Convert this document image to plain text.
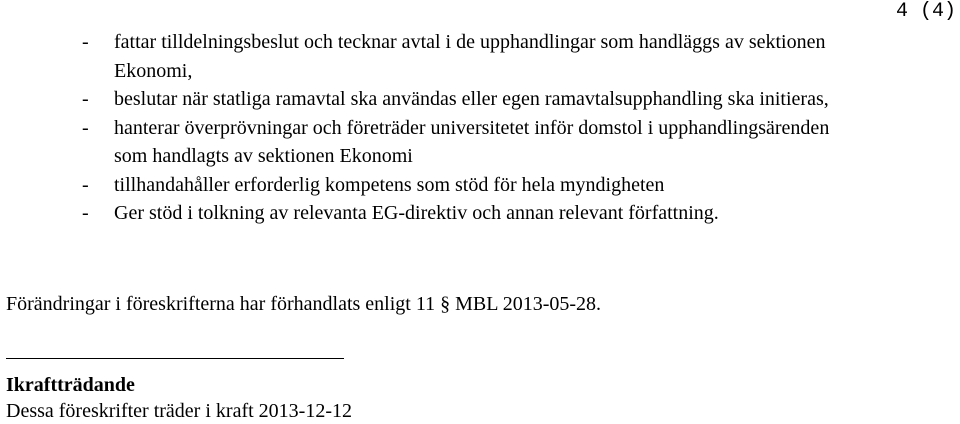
4 (4)
- fattar tilldelningsbeslut och tecknar avtal i de upphandlingar som handläggs av sektionen Ekonomi,
- beslutar när statliga ramavtal ska användas eller egen ramavtalsupphandling ska initieras,
- hanterar överprövningar och företräder universitetet inför domstol i upphandlingsärenden som handlagts av sektionen Ekonomi
- tillhandahåller erforderlig kompetens som stöd för hela myndigheten
- Ger stöd i tolkning av relevanta EG-direktiv och annan relevant författning.
Förändringar i föreskrifterna har förhandlats enligt 11 § MBL 2013-05-28.
Ikraftträdande
Dessa föreskrifter träder i kraft 2013-12-12
